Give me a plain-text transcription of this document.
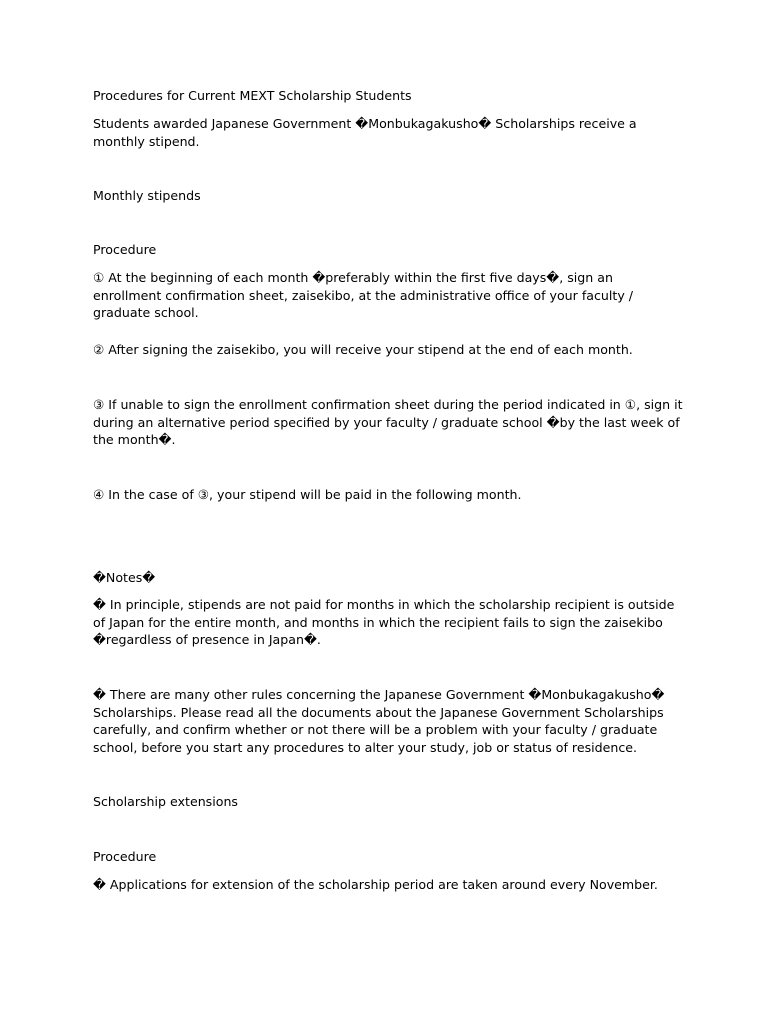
Procedures for Current MEXT Scholarship Students

Students awarded Japanese Government �Monbukagakusho� Scholarships receive a monthly stipend.

Monthly stipends

Procedure

① At the beginning of each month �preferably within the first five days�, sign an enrollment confirmation sheet, zaisekibo, at the administrative office of your faculty / graduate school.

② After signing the zaisekibo, you will receive your stipend at the end of each month.

③ If unable to sign the enrollment confirmation sheet during the period indicated in ①, sign it during an alternative period specified by your faculty / graduate school �by the last week of the month�.

④ In the case of ③, your stipend will be paid in the following month.

�Notes�

� In principle, stipends are not paid for months in which the scholarship recipient is outside of Japan for the entire month, and months in which the recipient fails to sign the zaisekibo �regardless of presence in Japan�.

� There are many other rules concerning the Japanese Government �Monbukagakusho� Scholarships. Please read all the documents about the Japanese Government Scholarships carefully, and confirm whether or not there will be a problem with your faculty / graduate school, before you start any procedures to alter your study, job or status of residence.

Scholarship extensions

Procedure

� Applications for extension of the scholarship period are taken around every November.
